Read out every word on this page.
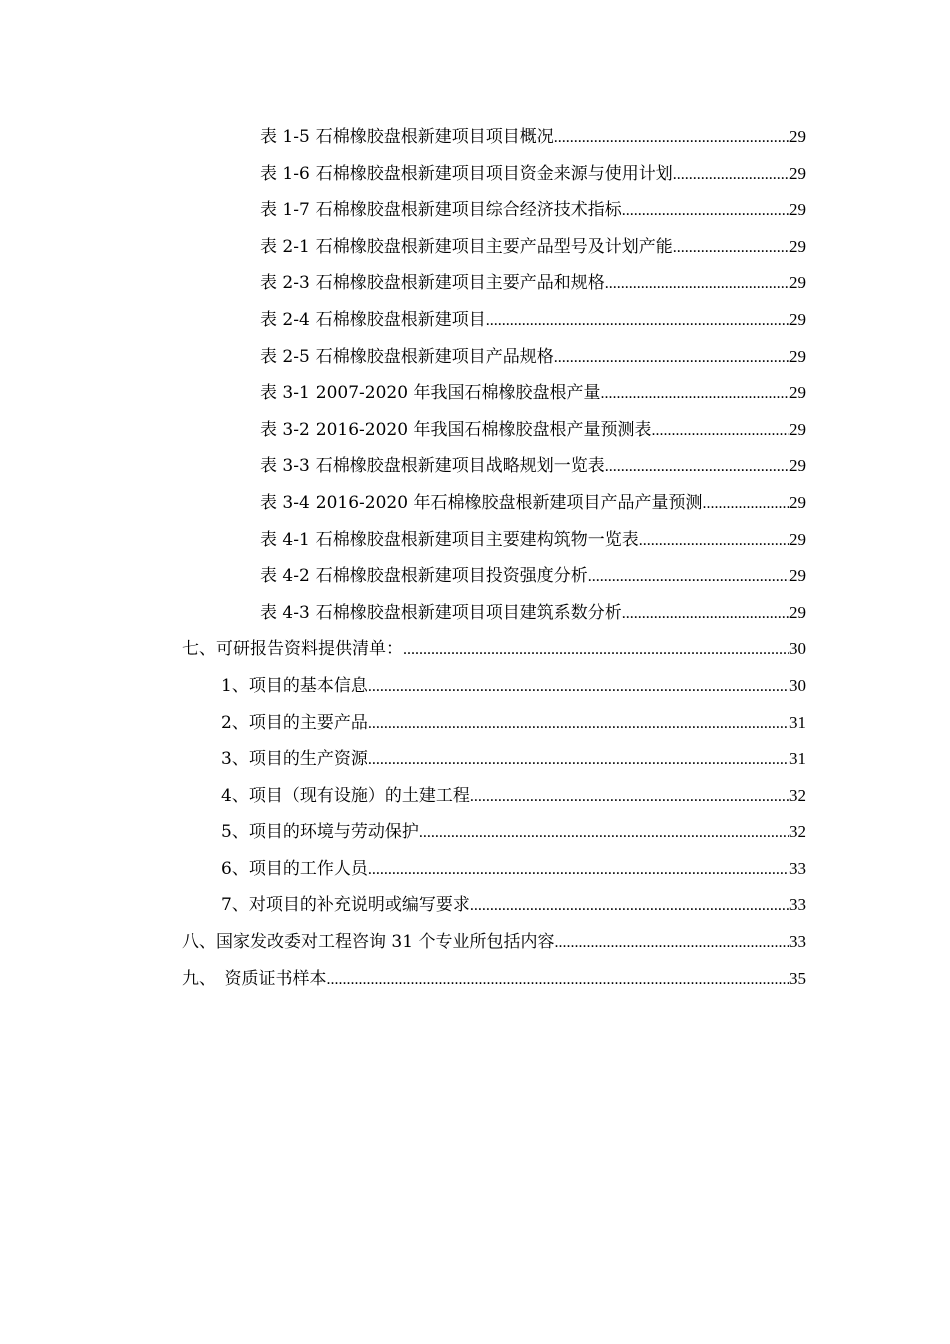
表 1-5 石棉橡胶盘根新建项目项目概况 .....	29
表 1-6 石棉橡胶盘根新建项目项目资金来源与使用计划 .....	29
表 1-7 石棉橡胶盘根新建项目综合经济技术指标 .....	29
表 2-1 石棉橡胶盘根新建项目主要产品型号及计划产能 .....	29
表 2-3 石棉橡胶盘根新建项目主要产品和规格 .....	29
表 2-4 石棉橡胶盘根新建项目 .....	29
表 2-5 石棉橡胶盘根新建项目产品规格 .....	29
表 3-1 2007-2020 年我国石棉橡胶盘根产量 .....	29
表 3-2 2016-2020 年我国石棉橡胶盘根产量预测表 .....	29
表 3-3 石棉橡胶盘根新建项目战略规划一览表 .....	29
表 3-4 2016-2020 年石棉橡胶盘根新建项目产品产量预测 .....	29
表 4-1 石棉橡胶盘根新建项目主要建构筑物一览表 .....	29
表 4-2 石棉橡胶盘根新建项目投资强度分析 .....	29
表 4-3 石棉橡胶盘根新建项目项目建筑系数分析 .....	29
七、可研报告资料提供清单： .....	30
1、项目的基本信息 .....	30
2、项目的主要产品 .....	31
3、项目的生产资源 .....	31
4、项目（现有设施）的土建工程 .....	32
5、项目的环境与劳动保护 .....	32
6、项目的工作人员 .....	33
7、对项目的补充说明或编写要求 .....	33
八、国家发改委对工程咨询 31 个专业所包括内容 .....	33
九、　资质证书样本 .....	35
